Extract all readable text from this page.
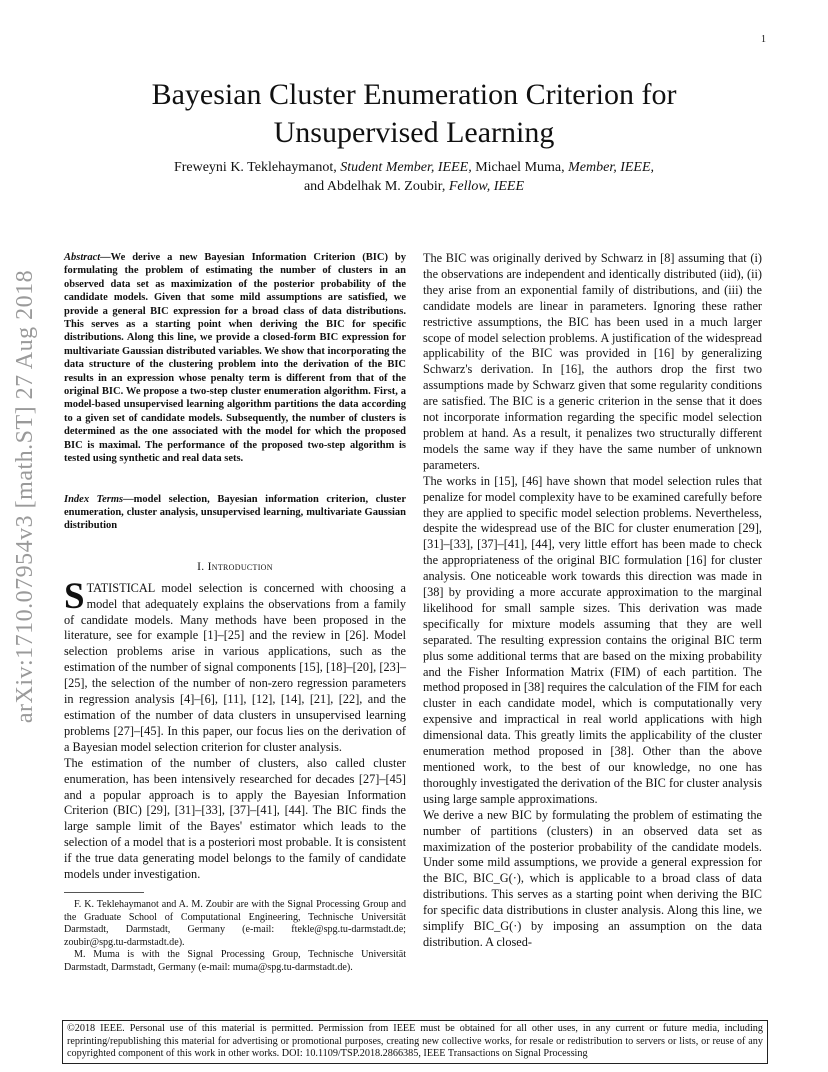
1
arXiv:1710.07954v3 [math.ST] 27 Aug 2018
Bayesian Cluster Enumeration Criterion for Unsupervised Learning
Freweyni K. Teklehaymanot, Student Member, IEEE, Michael Muma, Member, IEEE,
and Abdelhak M. Zoubir, Fellow, IEEE

Abstract—We derive a new Bayesian Information Criterion (BIC) by formulating the problem of estimating the number of clusters in an observed data set as maximization of the posterior probability of the candidate models. Given that some mild assumptions are satisfied, we provide a general BIC expression for a broad class of data distributions. This serves as a starting point when deriving the BIC for specific distributions. Along this line, we provide a closed-form BIC expression for multivariate Gaussian distributed variables. We show that incorporating the data structure of the clustering problem into the derivation of the BIC results in an expression whose penalty term is different from that of the original BIC. We propose a two-step cluster enumeration algorithm. First, a model-based unsupervised learning algorithm partitions the data according to a given set of candidate models. Subsequently, the number of clusters is determined as the one associated with the model for which the proposed BIC is maximal. The performance of the proposed two-step algorithm is tested using synthetic and real data sets.

Index Terms—model selection, Bayesian information criterion, cluster enumeration, cluster analysis, unsupervised learning, multivariate Gaussian distribution

I. Introduction

STATISTICAL model selection is concerned with choosing a model that adequately explains the observations from a family of candidate models. Many methods have been proposed in the literature, see for example [1]–[25] and the review in [26]. Model selection problems arise in various applications, such as the estimation of the number of signal components [15], [18]–[20], [23]–[25], the selection of the number of non-zero regression parameters in regression analysis [4]–[6], [11], [12], [14], [21], [22], and the estimation of the number of data clusters in unsupervised learning problems [27]–[45]. In this paper, our focus lies on the derivation of a Bayesian model selection criterion for cluster analysis.

The estimation of the number of clusters, also called cluster enumeration, has been intensively researched for decades [27]–[45] and a popular approach is to apply the Bayesian Information Criterion (BIC) [29], [31]–[33], [37]–[41], [44]. The BIC finds the large sample limit of the Bayes' estimator which leads to the selection of a model that is a posteriori most probable. It is consistent if the true data generating model belongs to the family of candidate models under investigation.

F. K. Teklehaymanot and A. M. Zoubir are with the Signal Processing Group and the Graduate School of Computational Engineering, Technische Universität Darmstadt, Darmstadt, Germany (e-mail: ftekle@spg.tu-darmstadt.de; zoubir@spg.tu-darmstadt.de).

M. Muma is with the Signal Processing Group, Technische Universität Darmstadt, Darmstadt, Germany (e-mail: muma@spg.tu-darmstadt.de).

The BIC was originally derived by Schwarz in [8] assuming that (i) the observations are independent and identically distributed (iid), (ii) they arise from an exponential family of distributions, and (iii) the candidate models are linear in parameters. Ignoring these rather restrictive assumptions, the BIC has been used in a much larger scope of model selection problems. A justification of the widespread applicability of the BIC was provided in [16] by generalizing Schwarz's derivation. In [16], the authors drop the first two assumptions made by Schwarz given that some regularity conditions are satisfied. The BIC is a generic criterion in the sense that it does not incorporate information regarding the specific model selection problem at hand. As a result, it penalizes two structurally different models the same way if they have the same number of unknown parameters.

The works in [15], [46] have shown that model selection rules that penalize for model complexity have to be examined carefully before they are applied to specific model selection problems. Nevertheless, despite the widespread use of the BIC for cluster enumeration [29], [31]–[33], [37]–[41], [44], very little effort has been made to check the appropriateness of the original BIC formulation [16] for cluster analysis. One noticeable work towards this direction was made in [38] by providing a more accurate approximation to the marginal likelihood for small sample sizes. This derivation was made specifically for mixture models assuming that they are well separated. The resulting expression contains the original BIC term plus some additional terms that are based on the mixing probability and the Fisher Information Matrix (FIM) of each partition. The method proposed in [38] requires the calculation of the FIM for each cluster in each candidate model, which is computationally very expensive and impractical in real world applications with high dimensional data. This greatly limits the applicability of the cluster enumeration method proposed in [38]. Other than the above mentioned work, to the best of our knowledge, no one has thoroughly investigated the derivation of the BIC for cluster analysis using large sample approximations.

We derive a new BIC by formulating the problem of estimating the number of partitions (clusters) in an observed data set as maximization of the posterior probability of the candidate models. Under some mild assumptions, we provide a general expression for the BIC, BIC_G(·), which is applicable to a broad class of data distributions. This serves as a starting point when deriving the BIC for specific data distributions in cluster analysis. Along this line, we simplify BIC_G(·) by imposing an assumption on the data distribution. A closed-

©2018 IEEE. Personal use of this material is permitted. Permission from IEEE must be obtained for all other uses, in any current or future media, including reprinting/republishing this material for advertising or promotional purposes, creating new collective works, for resale or redistribution to servers or lists, or reuse of any copyrighted component of this work in other works. DOI: 10.1109/TSP.2018.2866385, IEEE Transactions on Signal Processing
